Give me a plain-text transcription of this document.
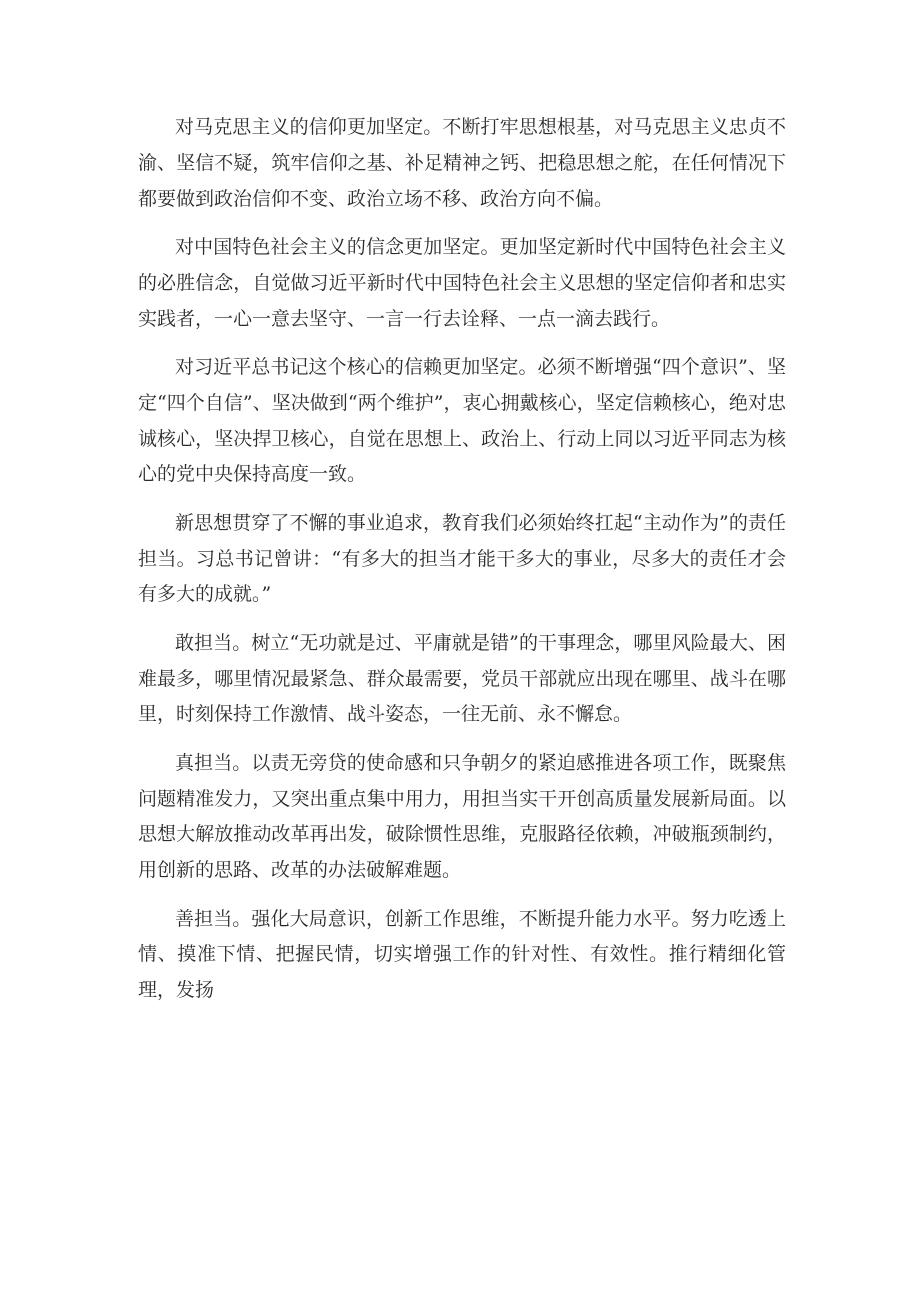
对马克思主义的信仰更加坚定。不断打牢思想根基，对马克思主义忠贞不渝、坚信不疑，筑牢信仰之基、补足精神之钙、把稳思想之舵，在任何情况下都要做到政治信仰不变、政治立场不移、政治方向不偏。

对中国特色社会主义的信念更加坚定。更加坚定新时代中国特色社会主义的必胜信念，自觉做习近平新时代中国特色社会主义思想的坚定信仰者和忠实实践者，一心一意去坚守、一言一行去诠释、一点一滴去践行。

对习近平总书记这个核心的信赖更加坚定。必须不断增强“四个意识”、坚定“四个自信”、坚决做到“两个维护”，衷心拥戴核心，坚定信赖核心，绝对忠诚核心，坚决捍卫核心，自觉在思想上、政治上、行动上同以习近平同志为核心的党中央保持高度一致。

新思想贯穿了不懈的事业追求，教育我们必须始终扛起“主动作为”的责任担当。习总书记曾讲：“有多大的担当才能干多大的事业，尽多大的责任才会有多大的成就。”

敢担当。树立“无功就是过、平庸就是错”的干事理念，哪里风险最大、困难最多，哪里情况最紧急、群众最需要，党员干部就应出现在哪里、战斗在哪里，时刻保持工作激情、战斗姿态，一往无前、永不懈怠。

真担当。以责无旁贷的使命感和只争朝夕的紧迫感推进各项工作，既聚焦问题精准发力，又突出重点集中用力，用担当实干开创高质量发展新局面。以思想大解放推动改革再出发，破除惯性思维，克服路径依赖，冲破瓶颈制约，用创新的思路、改革的办法破解难题。

善担当。强化大局意识，创新工作思维，不断提升能力水平。努力吃透上情、摸准下情、把握民情，切实增强工作的针对性、有效性。推行精细化管理，发扬
